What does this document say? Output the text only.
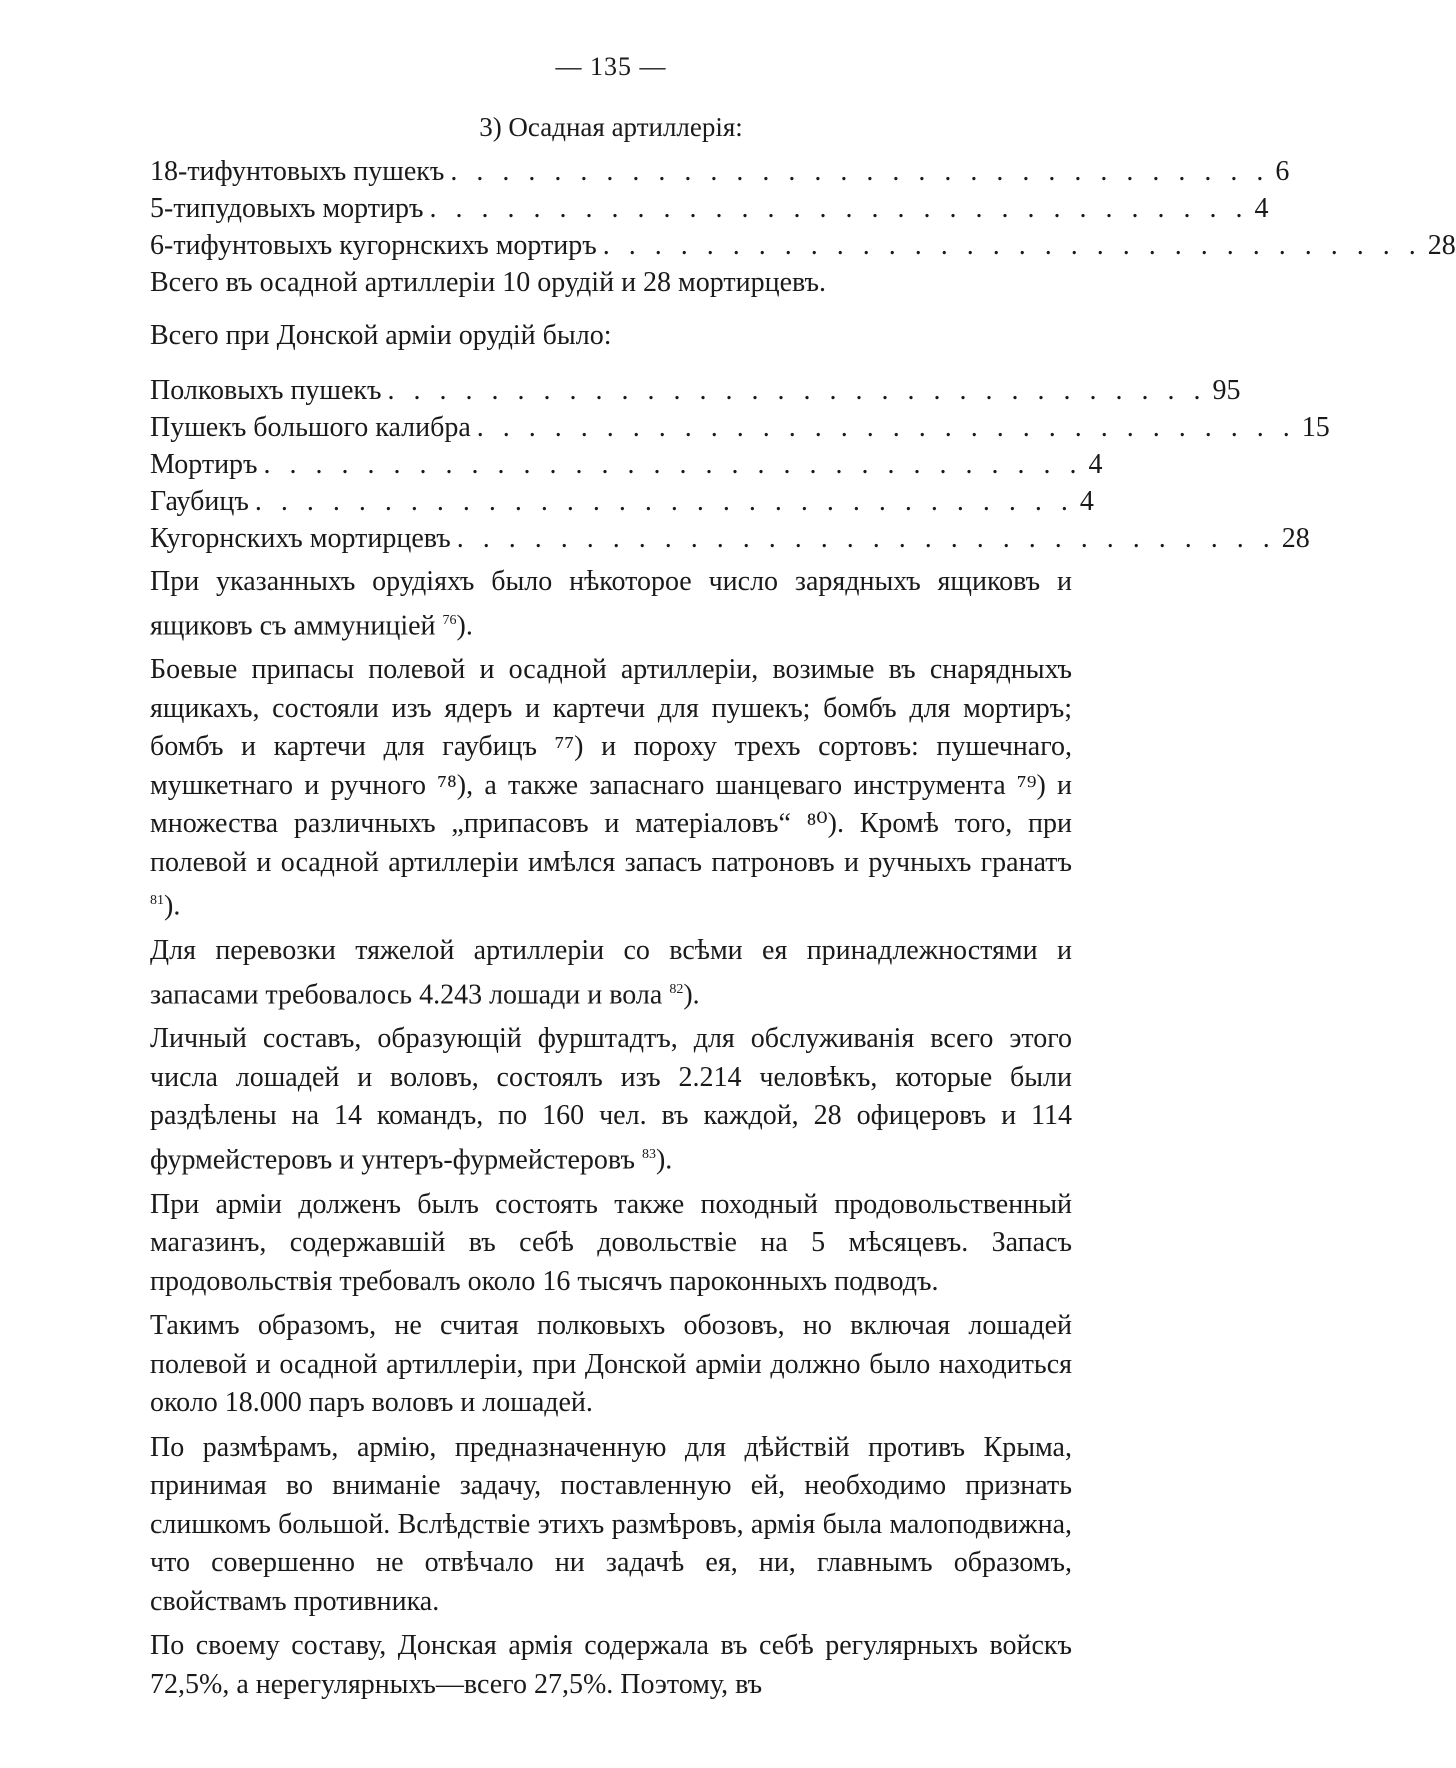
— 135 —
3) Осадная артиллерія:
18-тифунтовыхъ пушекъ . . . . . . . . . . . . . . . . . . . . . . . . . . . . . . . . 6
5-типудовыхъ мортиръ . . . . . . . . . . . . . . . . . . . . . . . . . . . . . . . . 4
6-тифунтовыхъ кугорнскихъ мортиръ . . . . . . . . . . . . . . . . . . . . . . . . . . . . . . . . 28
Всего въ осадной артиллеріи 10 орудій и 28 мортирцевъ.
Всего при Донской арміи орудій было:
Полковыхъ пушекъ . . . . . . . . . . . . . . . . . . . . . . . . . . . . . . . . 95
Пушекъ большого калибра . . . . . . . . . . . . . . . . . . . . . . . . . . . . . . . . 15
Мортиръ . . . . . . . . . . . . . . . . . . . . . . . . . . . . . . . . 4
Гаубицъ . . . . . . . . . . . . . . . . . . . . . . . . . . . . . . . . 4
Кугорнскихъ мортирцевъ . . . . . . . . . . . . . . . . . . . . . . . . . . . . . . . . 28

При указанныхъ орудіяхъ было нѣкоторое число зарядныхъ ящиковъ и ящиковъ съ аммуниціей $^{76}$).

Боевые припасы полевой и осадной артиллеріи, возимые въ снарядныхъ ящикахъ, состояли изъ ядеръ и картечи для пушекъ; бомбъ для мортиръ; бомбъ и картечи для гаубицъ ⁷⁷) и пороху трехъ сортовъ: пушечнаго, мушкетнаго и ручного ⁷⁸), а также запаснаго шанцеваго инструмента ⁷⁹) и множества различныхъ „припасовъ и матеріаловъ“ ⁸⁰). Кромѣ того, при полевой и осадной артиллеріи имѣлся запасъ патроновъ и ручныхъ гранатъ $^{81}$).

Для перевозки тяжелой артиллеріи со всѣми ея принадлежностями и запасами требовалось 4.243 лошади и вола $^{82}$).

Личный составъ, образующій фурштадтъ, для обслуживанія всего этого числа лошадей и воловъ, состоялъ изъ 2.214 человѣкъ, которые были раздѣлены на 14 командъ, по 160 чел. въ каждой, 28 офицеровъ и 114 фурмейстеровъ и унтеръ-фурмейстеровъ $^{83}$).

При арміи долженъ былъ состоять также походный продовольственный магазинъ, содержавшій въ себѣ довольствіе на 5 мѣсяцевъ. Запасъ продовольствія требовалъ около 16 тысячъ пароконныхъ подводъ.

Такимъ образомъ, не считая полковыхъ обозовъ, но включая лошадей полевой и осадной артиллеріи, при Донской арміи должно было находиться около 18.000 паръ воловъ и лошадей.

По размѣрамъ, армію, предназначенную для дѣйствій противъ Крыма, принимая во вниманіе задачу, поставленную ей, необходимо признать слишкомъ большой. Вслѣдствіе этихъ размѣровъ, армія была малоподвижна, что совершенно не отвѣчало ни задачѣ ея, ни, главнымъ образомъ, свойствамъ противника.

По своему составу, Донская армія содержала въ себѣ регулярныхъ войскъ 72,5%, а нерегулярныхъ—всего 27,5%. Поэтому, въ
